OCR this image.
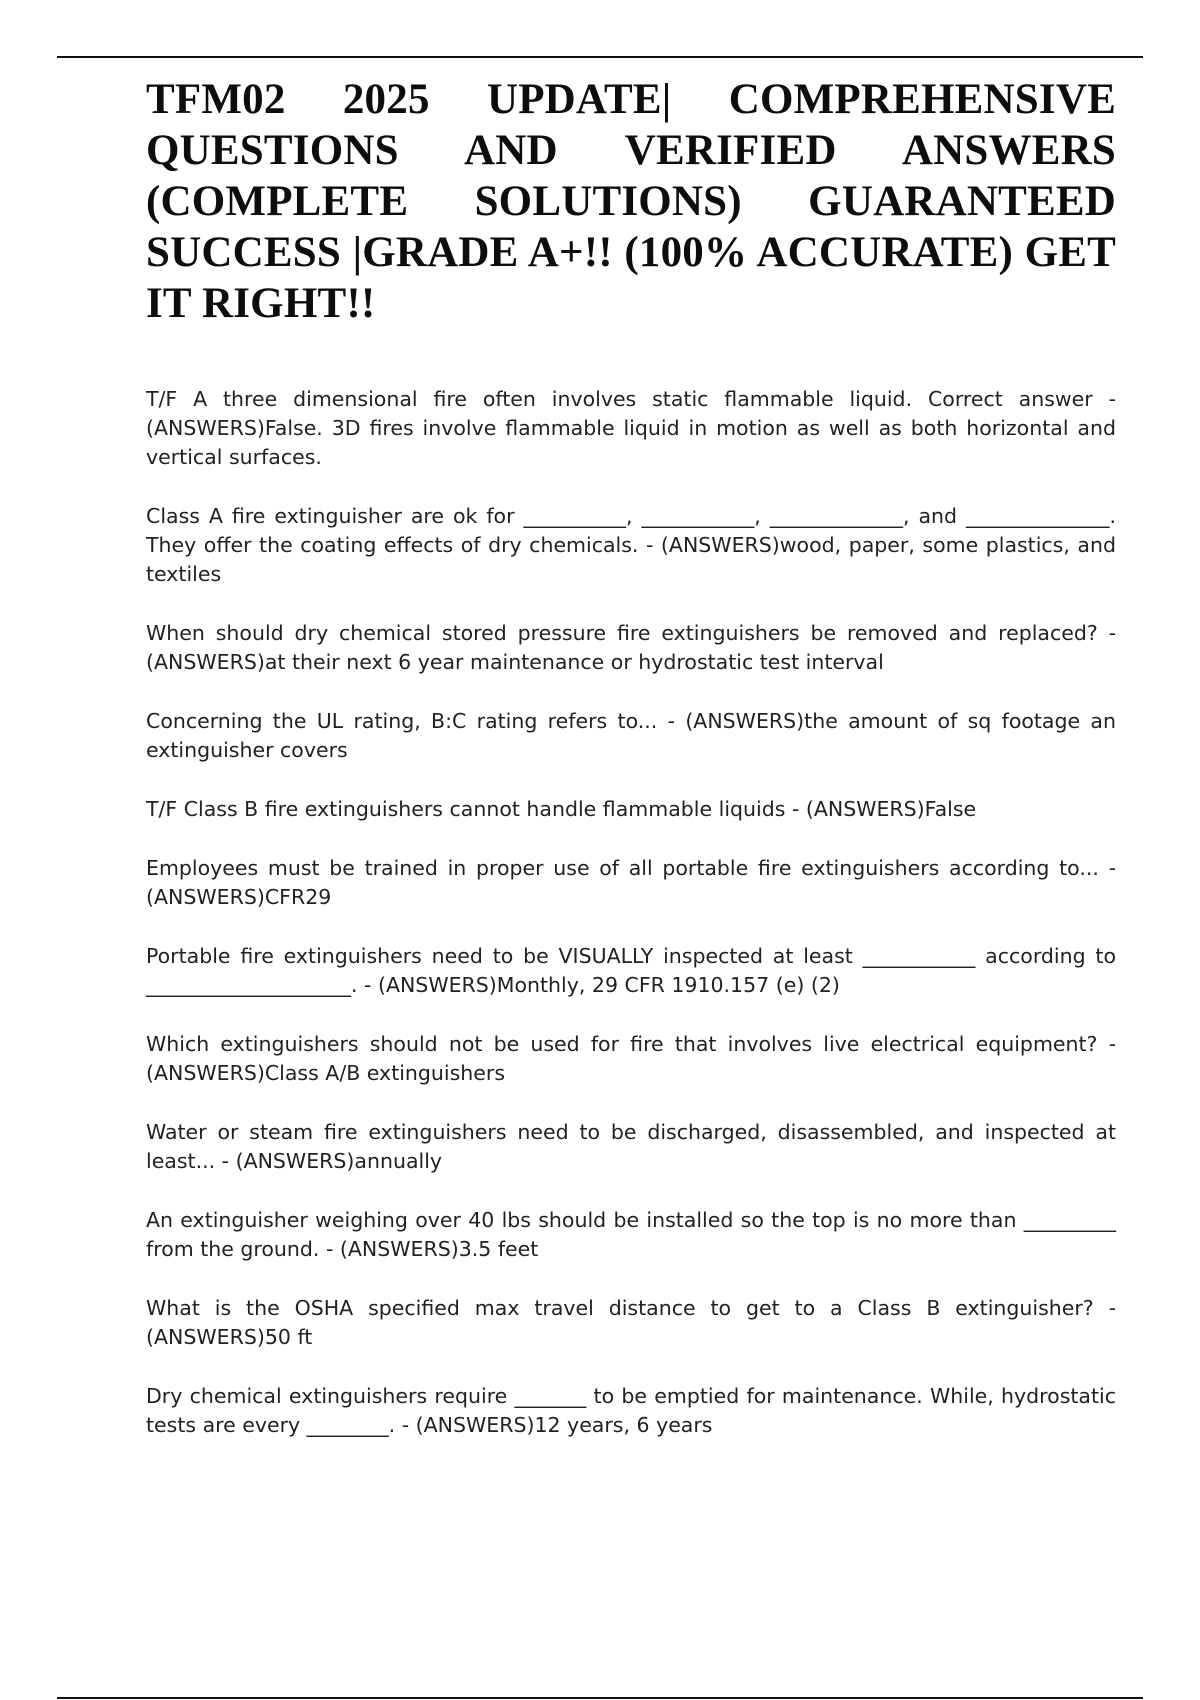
TFM02 2025 UPDATE| COMPREHENSIVE QUESTIONS AND VERIFIED ANSWERS (COMPLETE SOLUTIONS) GUARANTEED SUCCESS |GRADE A+!! (100% ACCURATE) GET IT RIGHT!!

T/F A three dimensional fire often involves static flammable liquid. Correct answer - (ANSWERS)False. 3D fires involve flammable liquid in motion as well as both horizontal and vertical surfaces.

Class A fire extinguisher are ok for __________, ___________, _____________, and ______________. They offer the coating effects of dry chemicals. - (ANSWERS)wood, paper, some plastics, and textiles

When should dry chemical stored pressure fire extinguishers be removed and replaced? - (ANSWERS)at their next 6 year maintenance or hydrostatic test interval

Concerning the UL rating, B:C rating refers to... - (ANSWERS)the amount of sq footage an extinguisher covers

T/F Class B fire extinguishers cannot handle flammable liquids - (ANSWERS)False

Employees must be trained in proper use of all portable fire extinguishers according to... - (ANSWERS)CFR29

Portable fire extinguishers need to be VISUALLY inspected at least ___________ according to ____________________. - (ANSWERS)Monthly, 29 CFR 1910.157 (e) (2)

Which extinguishers should not be used for fire that involves live electrical equipment? - (ANSWERS)Class A/B extinguishers

Water or steam fire extinguishers need to be discharged, disassembled, and inspected at least... - (ANSWERS)annually

An extinguisher weighing over 40 lbs should be installed so the top is no more than _________ from the ground. - (ANSWERS)3.5 feet

What is the OSHA specified max travel distance to get to a Class B extinguisher? - (ANSWERS)50 ft

Dry chemical extinguishers require _______ to be emptied for maintenance. While, hydrostatic tests are every ________. - (ANSWERS)12 years, 6 years
